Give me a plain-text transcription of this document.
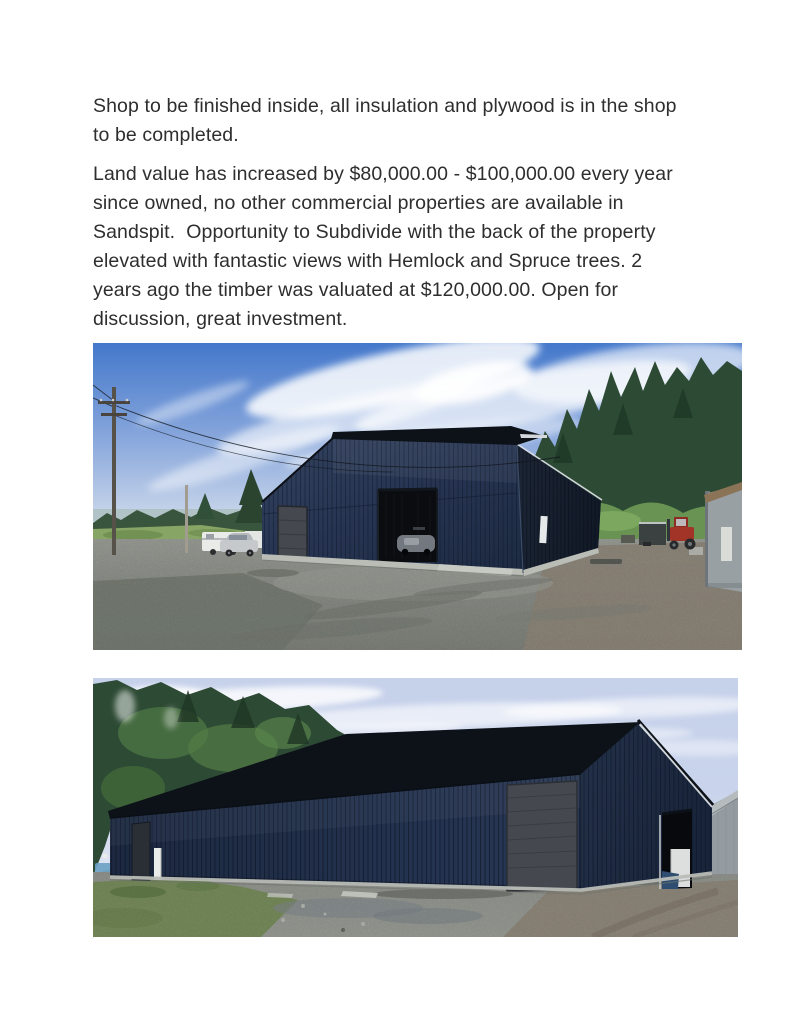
Shop to be finished inside, all insulation and plywood is in the shop
to be completed.
Land value has increased by $80,000.00 - $100,000.00 every year
since owned, no other commercial properties are available in
Sandspit.  Opportunity to Subdivide with the back of the property
elevated with fantastic views with Hemlock and Spruce trees. 2
years ago the timber was valuated at $120,000.00. Open for
discussion, great investment.
